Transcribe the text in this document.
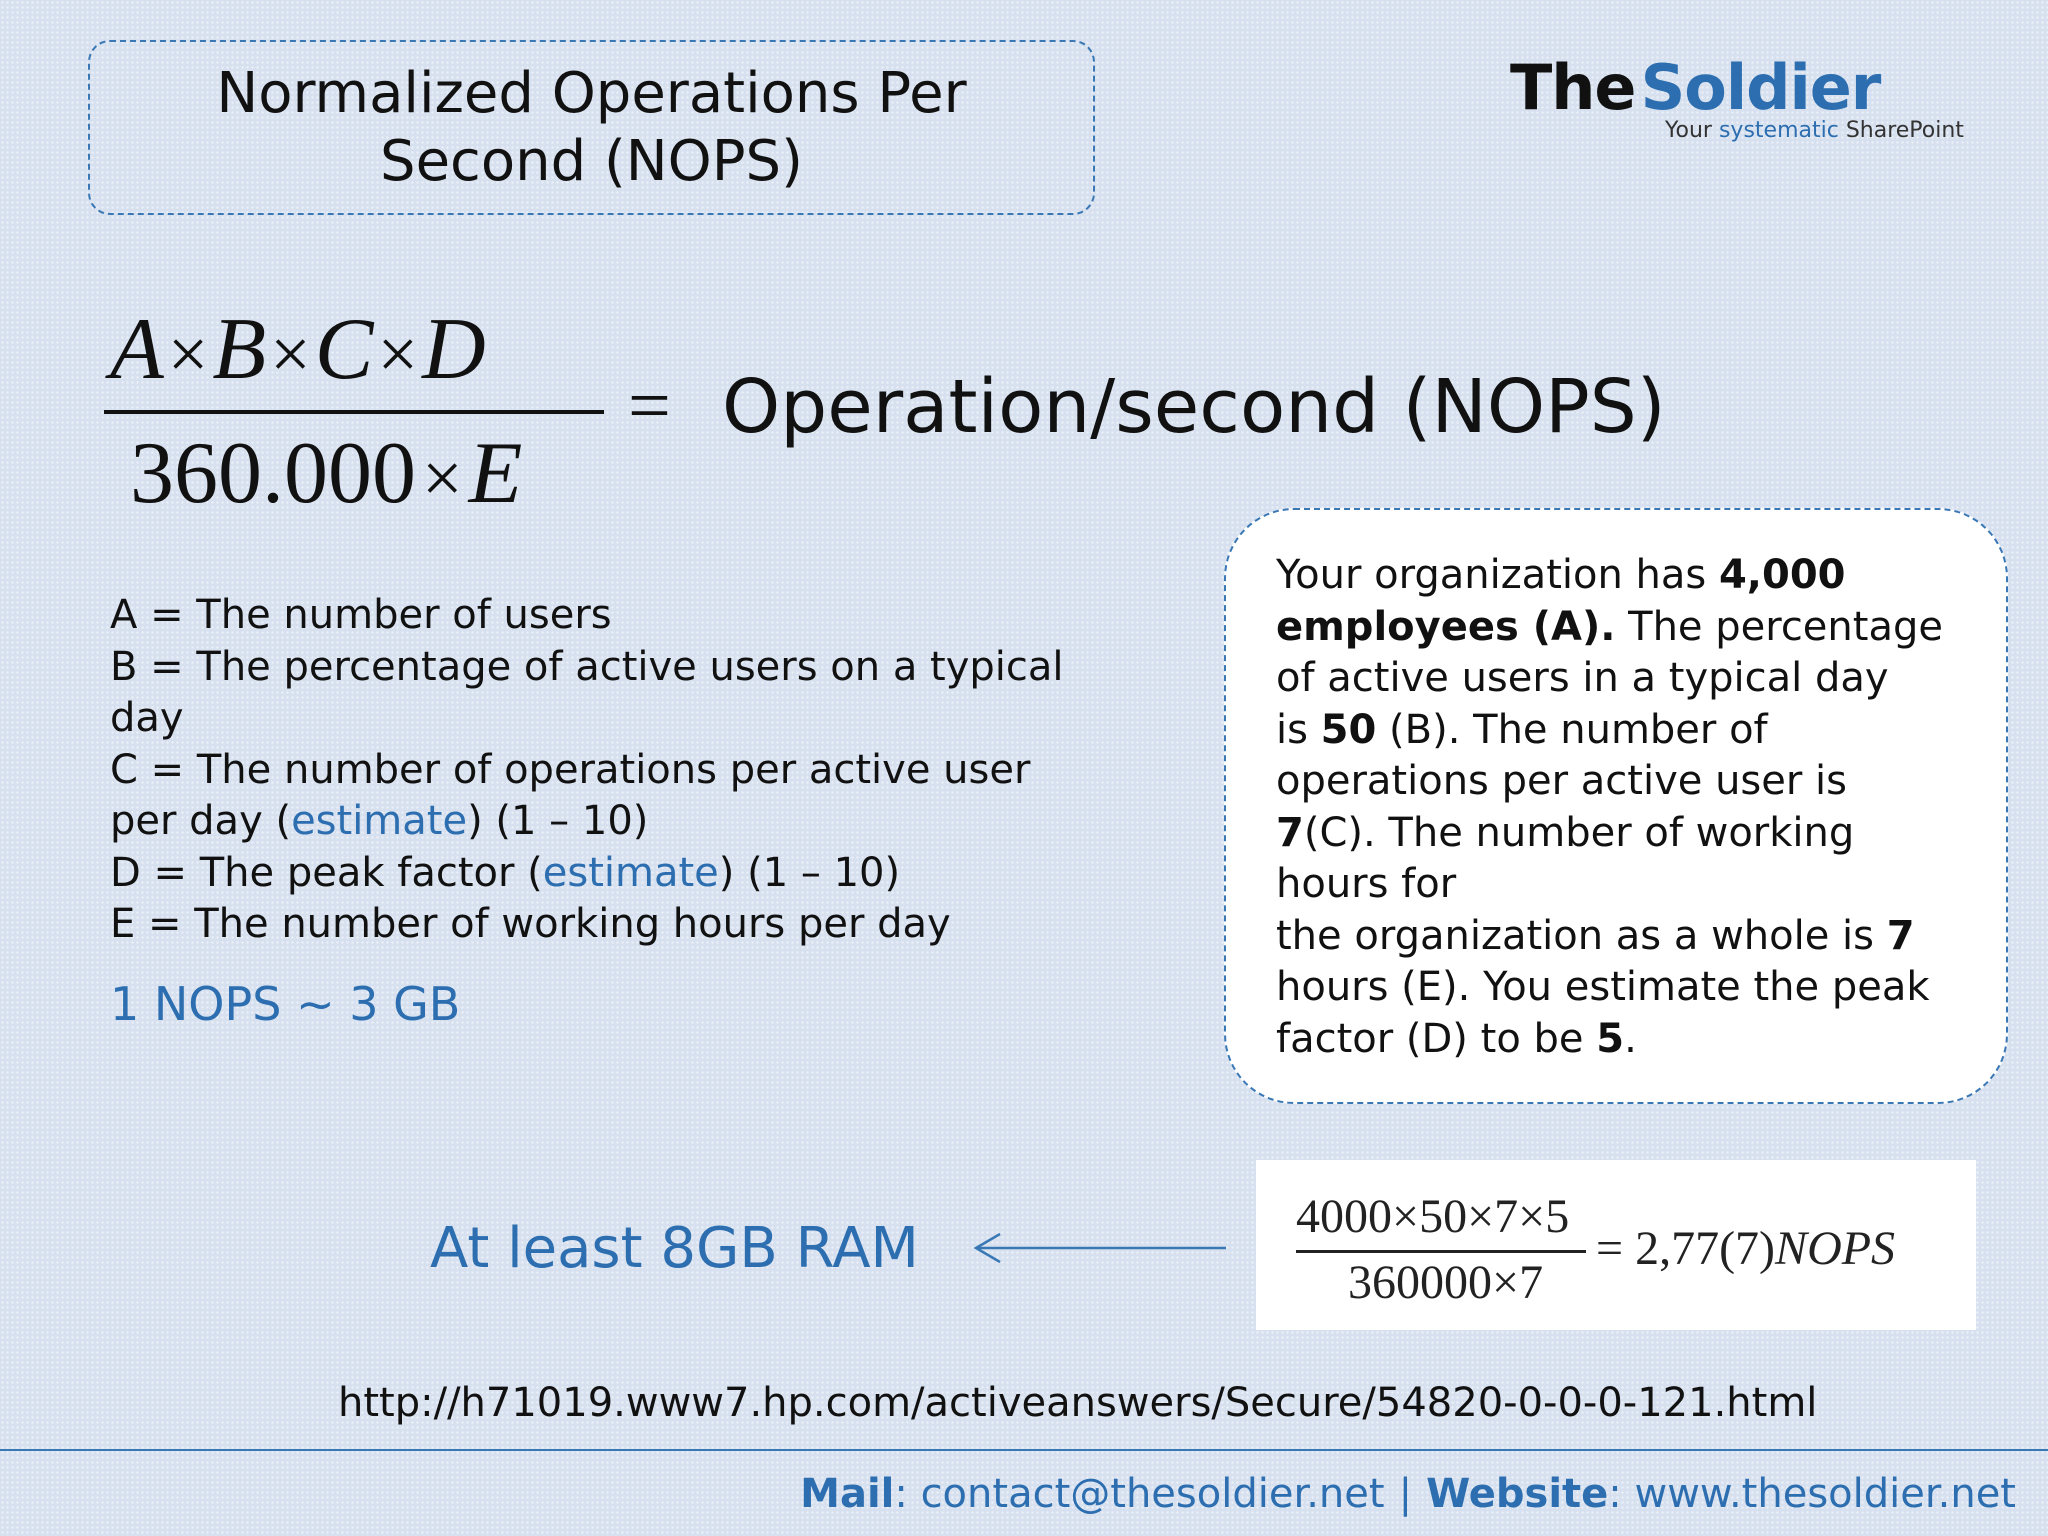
Normalized Operations Per
Second (NOPS)
The Soldier
Your systematic SharePoint
A×B×C×D
360.000×E
= Operation/second (NOPS)

A = The number of users

B = The percentage of active users on a typical

day

C = The number of operations per active user

per day (estimate) (1 – 10)

D = The peak factor (estimate) (1 – 10)

E = The number of working hours per day

1 NOPS ~ 3 GB

Your organization has 4,000

employees (A). The percentage

of active users in a typical day

is 50 (B). The number of

operations per active user is

7(C). The number of working

hours for

the organization as a whole is 7

hours (E). You estimate the peak

factor (D) to be 5.

At least 8GB RAM	4000×50×7×5
360000×7
= 2,77(7)NOPS
http://h71019.www7.hp.com/activeanswers/Secure/54820-0-0-0-121.html
Mail: contact@thesoldier.net | Website: www.thesoldier.net
